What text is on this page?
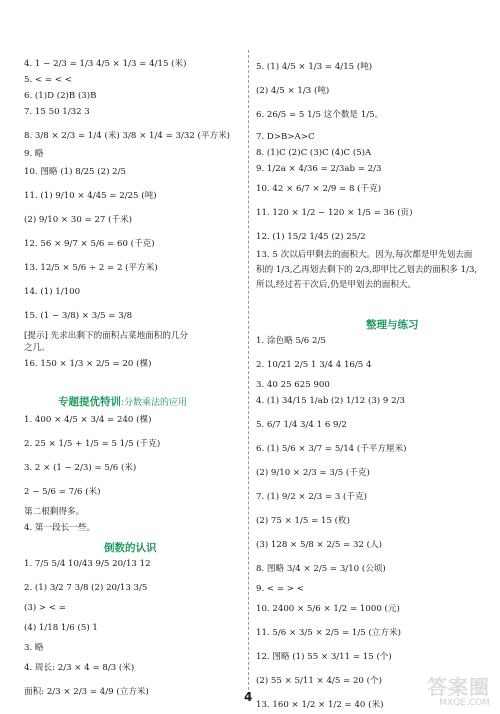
4. 1 − 2/3 = 1/3 4/5 × 1/3 = 4/15 (米)
5. < = < <
6. (1)D (2)B (3)B
7. 15 50 1/32 3
8. 3/8 × 2/3 = 1/4 (米) 3/8 × 1/4 = 3/32 (平方米)
9. 略
10. 图略 (1) 8/25 (2) 2/5
11. (1) 9/10 × 4/45 = 2/25 (吨)
(2) 9/10 × 30 = 27 (千米)
12. 56 × 9/7 × 5/6 = 60 (千克)
13. 12/5 × 5/6 ÷ 2 = 2 (平方米)
14. (1) 1/100
15. (1 − 3/8) × 3/5 = 3/8
[提示] 先求出剩下的面积占菜地面积的几分
之几。
16. 150 × 1/3 × 2/5 = 20 (棵)
1. 400 × 4/5 × 3/4 = 240 (棵)
2. 25 × 1/5 + 1/5 = 5 1/5 (千克)
3. 2 × (1 − 2/3) = 5/6 (米)
2 − 5/6 = 7/6 (米)
第二根剩得多。
4. 第一段长一些。
1. 7/5 5/4 10/43 9/5 20/13 12
2. (1) 3/2 7 3/8 (2) 20/13 3/5
(3) > < =
(4) 1/18 1/6 (5) 1
3. 略
4. 周长: 2/3 × 4 = 8/3 (米)
面积: 2/3 × 2/3 = 4/9 (立方米)
5. (1) 4/5 × 1/3 = 4/15 (吨)
(2) 4/5 × 1/3 (吨)
6. 26/5 = 5 1/5 这个数是 1/5。
7. D>B>A>C
8. (1)C (2)C (3)C (4)C (5)A
9. 1/2a × 4/36 = 2/3ab = 2/3
10. 42 × 6/7 × 2/9 = 8 (千克)
11. 120 × 1/2 − 120 × 1/5 = 36 (页)
12. (1) 15/2 1/45 (2) 25/2
13. 5 次以后甲剩去的面积大。因为,每次都是甲先划去面积的 1/3,乙再划去剩下的 2/3,即甲比乙划去的面积多 1/3,所以,经过若干次后,仍是甲划去的面积大。
1. 涂色略 5/6 2/5
2. 10/21 2/5 1 3/4 4 16/5 4
3. 40 25 625 900
4. (1) 34/15 1/ab (2) 1/12 (3) 9 2/3
5. 6/7 1/4 3/4 1 6 9/2
6. (1) 5/6 × 3/7 = 5/14 (千平方厘米)
(2) 9/10 × 2/3 = 3/5 (千克)
7. (1) 9/2 × 2/3 = 3 (千克)
(2) 75 × 1/5 = 15 (枚)
(3) 128 × 5/8 × 2/5 = 32 (人)
8. 图略 3/4 × 2/5 = 3/10 (公顷)
9. < = > <
10. 2400 × 5/6 × 1/2 = 1000 (元)
11. 5/6 × 3/5 × 2/5 = 1/5 (立方米)
12. 图略 (1) 55 × 3/11 = 15 (个)
(2) 55 × 5/11 × 4/5 = 20 (个)
13. 160 × 1/2 × 1/2 = 40 (米)
专题提优特训:分数乘法的应用
倒数的认识
整理与练习
4	答案圈
MXQE.COM
